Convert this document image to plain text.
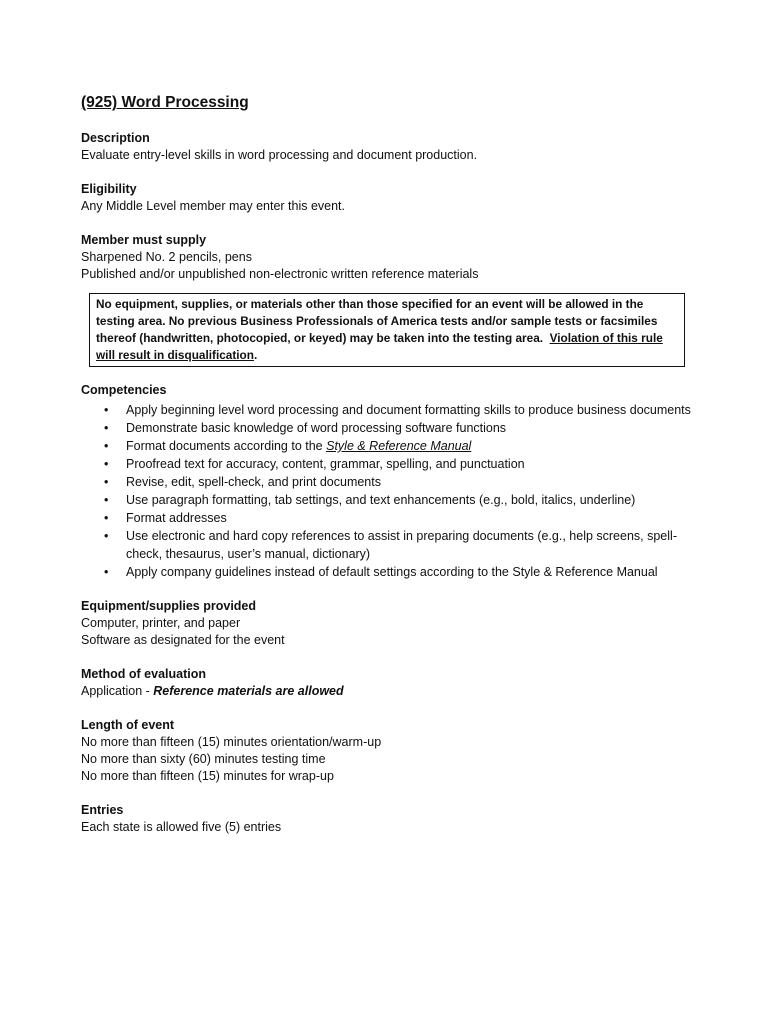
(925) Word Processing
Description
Evaluate entry-level skills in word processing and document production.
Eligibility
Any Middle Level member may enter this event.
Member must supply
Sharpened No. 2 pencils, pens
Published and/or unpublished non-electronic written reference materials
No equipment, supplies, or materials other than those specified for an event will be allowed in the testing area. No previous Business Professionals of America tests and/or sample tests or facsimiles thereof (handwritten, photocopied, or keyed) may be taken into the testing area. Violation of this rule will result in disqualification.
Competencies
• Apply beginning level word processing and document formatting skills to produce business documents
• Demonstrate basic knowledge of word processing software functions
• Format documents according to the Style & Reference Manual
• Proofread text for accuracy, content, grammar, spelling, and punctuation
• Revise, edit, spell-check, and print documents
• Use paragraph formatting, tab settings, and text enhancements (e.g., bold, italics, underline)
• Format addresses
• Use electronic and hard copy references to assist in preparing documents (e.g., help screens, spell-check, thesaurus, user’s manual, dictionary)
• Apply company guidelines instead of default settings according to the Style & Reference Manual
Equipment/supplies provided
Computer, printer, and paper
Software as designated for the event
Method of evaluation
Application - Reference materials are allowed
Length of event
No more than fifteen (15) minutes orientation/warm-up
No more than sixty (60) minutes testing time
No more than fifteen (15) minutes for wrap-up
Entries
Each state is allowed five (5) entries
